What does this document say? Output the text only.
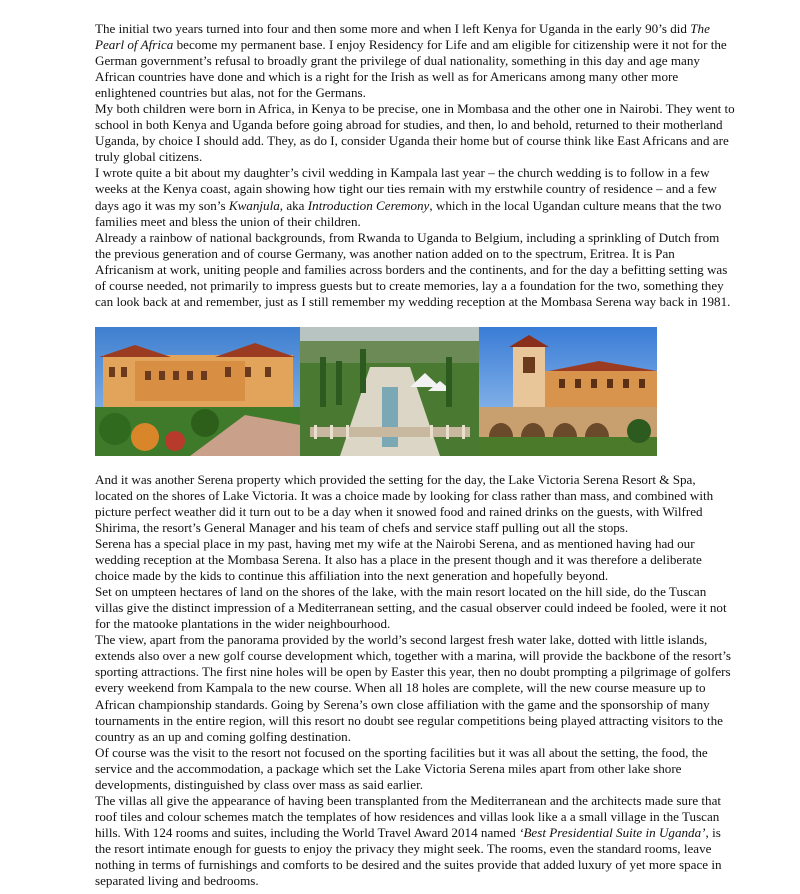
The initial two years turned into four and then some more and when I left Kenya for Uganda in the early 90’s did The Pearl of Africa become my permanent base. I enjoy Residency for Life and am eligible for citizenship were it not for the German government’s refusal to broadly grant the privilege of dual nationality, something in this day and age many African countries have done and which is a right for the Irish as well as for Americans among many other more enlightened countries but alas, not for the Germans.

My both children were born in Africa, in Kenya to be precise, one in Mombasa and the other one in Nairobi. They went to school in both Kenya and Uganda before going abroad for studies, and then, lo and behold, returned to their motherland Uganda, by choice I should add. They, as do I, consider Uganda their home but of course think like East Africans and are truly global citizens.

I wrote quite a bit about my daughter’s civil wedding in Kampala last year – the church wedding is to follow in a few weeks at the Kenya coast, again showing how tight our ties remain with my erstwhile country of residence – and a few days ago it was my son’s Kwanjula, aka Introduction Ceremony, which in the local Ugandan culture means that the two families meet and bless the union of their children.

Already a rainbow of national backgrounds, from Rwanda to Uganda to Belgium, including a sprinkling of Dutch from the previous generation and of course Germany, was another nation added on to the spectrum, Eritrea. It is Pan Africanism at work, uniting people and families across borders and the continents, and for the day a befitting setting was of course needed, not primarily to impress guests but to create memories, lay a a foundation for the two, something they can look back at and remember, just as I still remember my wedding reception at the Mombasa Serena way back in 1981.

And it was another Serena property which provided the setting for the day, the Lake Victoria Serena Resort & Spa, located on the shores of Lake Victoria. It was a choice made by looking for class rather than mass, and combined with picture perfect weather did it turn out to be a day when it snowed food and rained drinks on the guests, with Wilfred Shirima, the resort’s General Manager and his team of chefs and service staff pulling out all the stops.

Serena has a special place in my past, having met my wife at the Nairobi Serena, and as mentioned having had our wedding reception at the Mombasa Serena. It also has a place in the present though and it was therefore a deliberate choice made by the kids to continue this affiliation into the next generation and hopefully beyond.

Set on umpteen hectares of land on the shores of the lake, with the main resort located on the hill side, do the Tuscan villas give the distinct impression of a Mediterranean setting, and the casual observer could indeed be fooled, were it not for the matooke plantations in the wider neighbourhood.

The view, apart from the panorama provided by the world’s second largest fresh water lake, dotted with little islands, extends also over a new golf course development which, together with a marina, will provide the backbone of the resort’s sporting attractions. The first nine holes will be open by Easter this year, then no doubt prompting a pilgrimage of golfers every weekend from Kampala to the new course. When all 18 holes are complete, will the new course measure up to African championship standards. Going by Serena’s own close affiliation with the game and the sponsorship of many tournaments in the entire region, will this resort no doubt see regular competitions being played attracting visitors to the country as an up and coming golfing destination.

Of course was the visit to the resort not focused on the sporting facilities but it was all about the setting, the food, the service and the accommodation, a package which set the Lake Victoria Serena miles apart from other lake shore developments, distinguished by class over mass as said earlier.

The villas all give the appearance of having been transplanted from the Mediterranean and the architects made sure that roof tiles and colour schemes match the templates of how residences and villas look like a a small village in the Tuscan hills. With 124 rooms and suites, including the World Travel Award 2014 named ‘Best Presidential Suite in Uganda’, is the resort intimate enough for guests to enjoy the privacy they might seek. The rooms, even the standard rooms, leave nothing in terms of furnishings and comforts to be desired and the suites provide that added luxury of yet more space in separated living and bedrooms.
